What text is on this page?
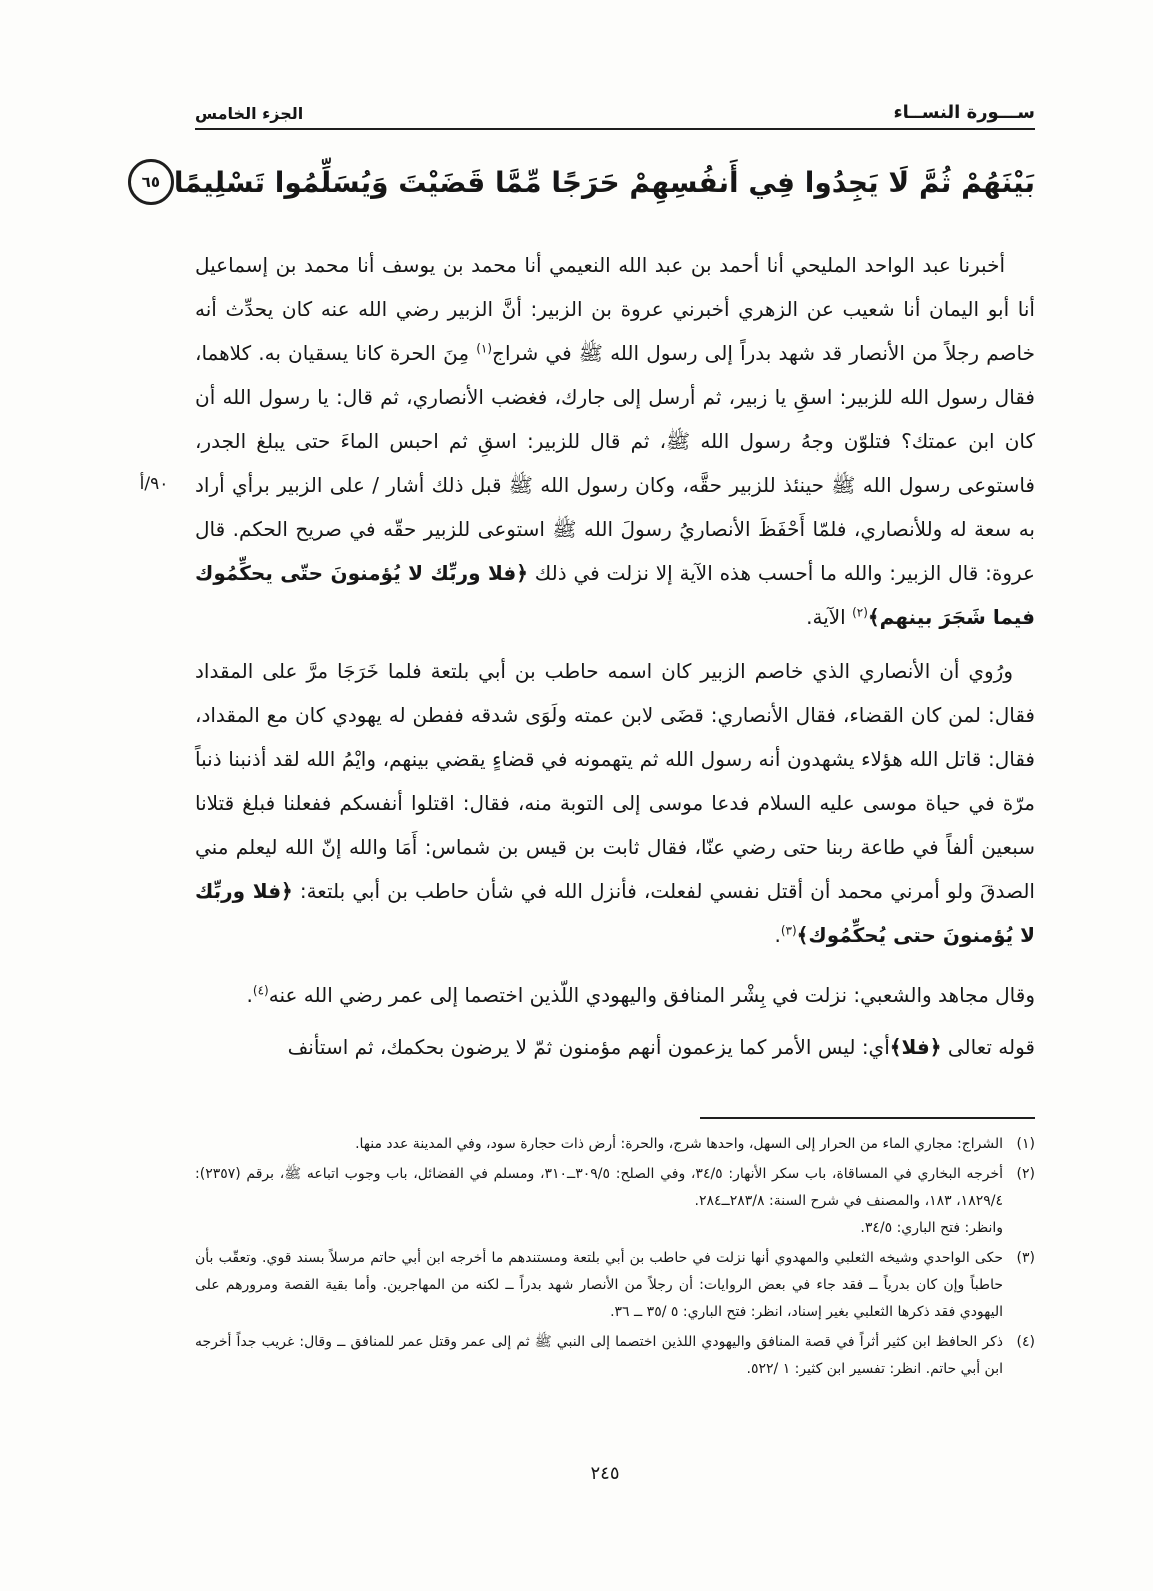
ســـورة النســاء
الجزء الخامس
بَيْنَهُمْ ثُمَّ لَا يَجِدُوا فِي أَنفُسِهِمْ حَرَجًا مِّمَّا قَضَيْتَ وَيُسَلِّمُوا تَسْلِيمًا
٦٥
٩٠/أ

أخبرنا عبد الواحد المليحي أنا أحمد بن عبد الله النعيمي أنا محمد بن يوسف أنا محمد بن إسماعيل أنا أبو اليمان أنا شعيب عن الزهري أخبرني عروة بن الزبير: أنَّ الزبير رضي الله عنه كان يحدِّث أنه خاصم رجلاً من الأنصار قد شهد بدراً إلى رسول الله ﷺ في شراج$^{(١)}$ مِنَ الحرة كانا يسقيان به. كلاهما، فقال رسول الله للزبير: اسقِ يا زبير، ثم أرسل إلى جارك، فغضب الأنصاري، ثم قال: يا رسول الله أن كان ابن عمتك؟ فتلوّن وجهُ رسول الله ﷺ، ثم قال للزبير: اسقِ ثم احبس الماءَ حتى يبلغ الجدر، فاستوعى رسول الله ﷺ حينئذ للزبير حقَّه، وكان رسول الله ﷺ قبل ذلك أشار / على الزبير برأي أراد به سعة له وللأنصاري، فلمّا أَحْفَظَ الأنصاريُ رسولَ الله ﷺ استوعى للزبير حقّه في صريح الحكم. قال عروة: قال الزبير: والله ما أحسب هذه الآية إلا نزلت في ذلك ﴿فلا وربِّك لا يُؤمنونَ حتّى يحكِّمُوك فيما شَجَرَ بينهم﴾$^{(٢)}$ الآية.

ورُوي أن الأنصاري الذي خاصم الزبير كان اسمه حاطب بن أبي بلتعة فلما خَرَجَا مرَّ على المقداد فقال: لمن كان القضاء، فقال الأنصاري: قضَى لابن عمته ولَوَى شدقه ففطن له يهودي كان مع المقداد، فقال: قاتل الله هؤلاء يشهدون أنه رسول الله ثم يتهمونه في قضاءٍ يقضي بينهم، وايْمُ الله لقد أذنبنا ذنباً مرّة في حياة موسى عليه السلام فدعا موسى إلى التوبة منه، فقال: اقتلوا أنفسكم ففعلنا فبلغ قتلانا سبعين ألفاً في طاعة ربنا حتى رضي عنّا، فقال ثابت بن قيس بن شماس: أَمَا والله إنّ الله ليعلم مني الصدقَ ولو أمرني محمد أن أقتل نفسي لفعلت، فأنزل الله في شأن حاطب بن أبي بلتعة: ﴿فلا وربِّك لا يُؤمنونَ حتى يُحكِّمُوك﴾$^{(٣)}$.

وقال مجاهد والشعبي: نزلت في بِشْر المنافق واليهودي اللّذين اختصما إلى عمر رضي الله عنه$^{(٤)}$.

قوله تعالى ﴿فلا﴾أي: ليس الأمر كما يزعمون أنهم مؤمنون ثمّ لا يرضون بحكمك، ثم استأنف

(١)

الشراج: مجاري الماء من الحرار إلى السهل، واحدها شرج، والحرة: أرض ذات حجارة سود، وفي المدينة عدد منها.

(٢)

أخرجه البخاري في المساقاة، باب سكر الأنهار: ٣٤/٥، وفي الصلح: ٣٠٩/٥ــ٣١٠، ومسلم في الفضائل، باب وجوب اتباعه ﷺ، برقم (٢٣٥٧): ١٨٢٩/٤، ١٨٣، والمصنف في شرح السنة: ٢٨٣/٨ــ٢٨٤.

وانظر: فتح الباري: ٣٤/٥.

(٣)

حكى الواحدي وشيخه الثعلبي والمهدوي أنها نزلت في حاطب بن أبي بلتعة ومستندهم ما أخرجه ابن أبي حاتم مرسلاً بسند قوي. وتعقّب بأن حاطباً وإن كان بدرياً ــ فقد جاء في بعض الروايات: أن رجلاً من الأنصار شهد بدراً ــ لكنه من المهاجرين. وأما بقية القصة ومرورهم على اليهودي فقد ذكرها الثعلبي بغير إسناد، انظر: فتح الباري: ٥ /٣٥ ــ ٣٦.

(٤)

ذكر الحافظ ابن كثير أثراً في قصة المنافق واليهودي اللذين اختصما إلى النبي ﷺ ثم إلى عمر وقتل عمر للمنافق ــ وقال: غريب جداً أخرجه ابن أبي حاتم. انظر: تفسير ابن كثير: ١ /٥٢٢.

٢٤٥
